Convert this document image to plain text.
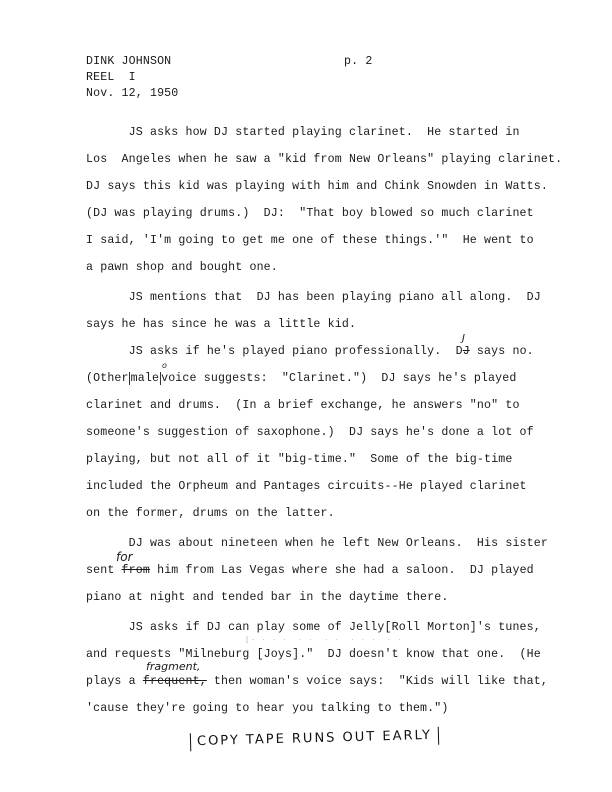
DINK JOHNSON
REEL  I
Nov. 12, 1950
p. 2
JS asks how DJ started playing clarinet.  He started in
Los  Angeles when he saw a "kid from New Orleans" playing clarinet.
DJ says this kid was playing with him and Chink Snowden in Watts.
(DJ was playing drums.)  DJ:  "That boy blowed so much clarinet
I said, 'I'm going to get me one of these things.'"  He went to
a pawn shop and bought one.
JS mentions that  DJ has been playing piano all along.  DJ
says he has since he was a little kid.
JS asks if he's played piano professionally.  DJ says no.
J
(Other male voice suggests:  "Clarinet.")  DJ says he's played
o
clarinet and drums.  (In a brief exchange, he answers "no" to
someone's suggestion of saxophone.)  DJ says he's done a lot of
playing, but not all of it "big-time."  Some of the big-time
included the Orpheum and Pantages circuits--He played clarinet
on the former, drums on the latter.
DJ was about nineteen when he left New Orleans.  His sister
sent from him from Las Vegas where she had a saloon.  DJ played
for
piano at night and tended bar in the daytime there.
JS asks if DJ can play some of Jelly[Roll Morton]'s tunes,
[- · · ·  · ·  · ·  · · ·  · ·
and requests "Milneburg [Joys]."  DJ doesn't know that one.  (He
plays a frequent, then woman's voice says:  "Kids will like that,
fragment,
'cause they're going to hear you talking to them.")
COPY TAPE RUNS OUT EARLY
